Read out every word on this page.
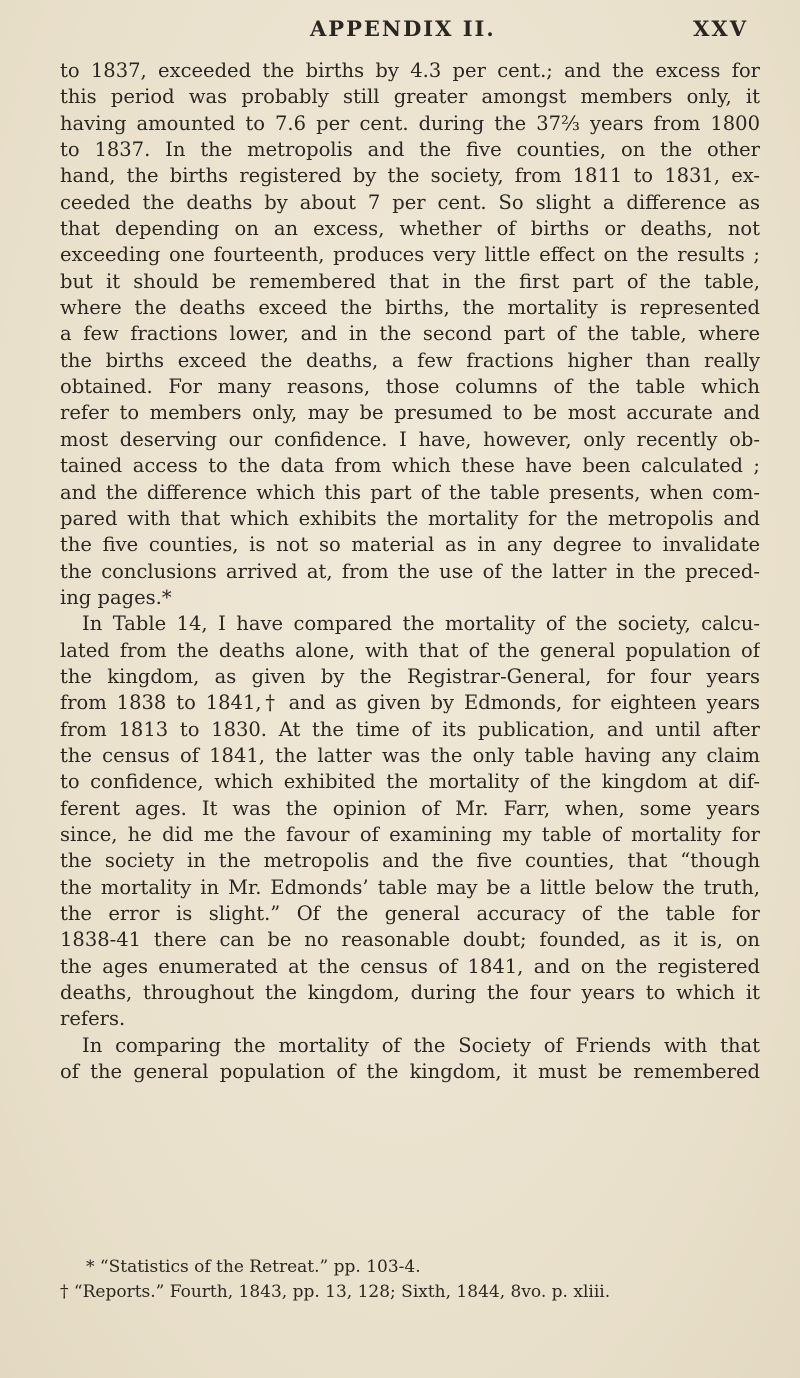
APPENDIX II.	XXV
to 1837, exceeded the births by 4.3 per cent.; and the excess for
this period was probably still greater amongst members only, it
having amounted to 7.6 per cent. during the 37⅔ years from 1800
to 1837. In the metropolis and the five counties, on the other
hand, the births registered by the society, from 1811 to 1831, ex-
ceeded the deaths by about 7 per cent. So slight a difference as
that depending on an excess, whether of births or deaths, not
exceeding one fourteenth, produces very little effect on the results ;
but it should be remembered that in the first part of the table,
where the deaths exceed the births, the mortality is represented
a few fractions lower, and in the second part of the table, where
the births exceed the deaths, a few fractions higher than really
obtained. For many reasons, those columns of the table which
refer to members only, may be presumed to be most accurate and
most deserving our confidence. I have, however, only recently ob-
tained access to the data from which these have been calculated ;
and the difference which this part of the table presents, when com-
pared with that which exhibits the mortality for the metropolis and
the five counties, is not so material as in any degree to invalidate
the conclusions arrived at, from the use of the latter in the preced-
ing pages.*
In Table 14, I have compared the mortality of the society, calcu-
lated from the deaths alone, with that of the general population of
the kingdom, as given by the Registrar-General, for four years
from 1838 to 1841,† and as given by Edmonds, for eighteen years
from 1813 to 1830. At the time of its publication, and until after
the census of 1841, the latter was the only table having any claim
to confidence, which exhibited the mortality of the kingdom at dif-
ferent ages. It was the opinion of Mr. Farr, when, some years
since, he did me the favour of examining my table of mortality for
the society in the metropolis and the five counties, that “though
the mortality in Mr. Edmonds’ table may be a little below the truth,
the error is slight.” Of the general accuracy of the table for
1838-41 there can be no reasonable doubt; founded, as it is, on
the ages enumerated at the census of 1841, and on the registered
deaths, throughout the kingdom, during the four years to which it
refers.
In comparing the mortality of the Society of Friends with that
of the general population of the kingdom, it must be remembered
* “Statistics of the Retreat.” pp. 103-4.
† “Reports.” Fourth, 1843, pp. 13, 128; Sixth, 1844, 8vo. p. xliii.
